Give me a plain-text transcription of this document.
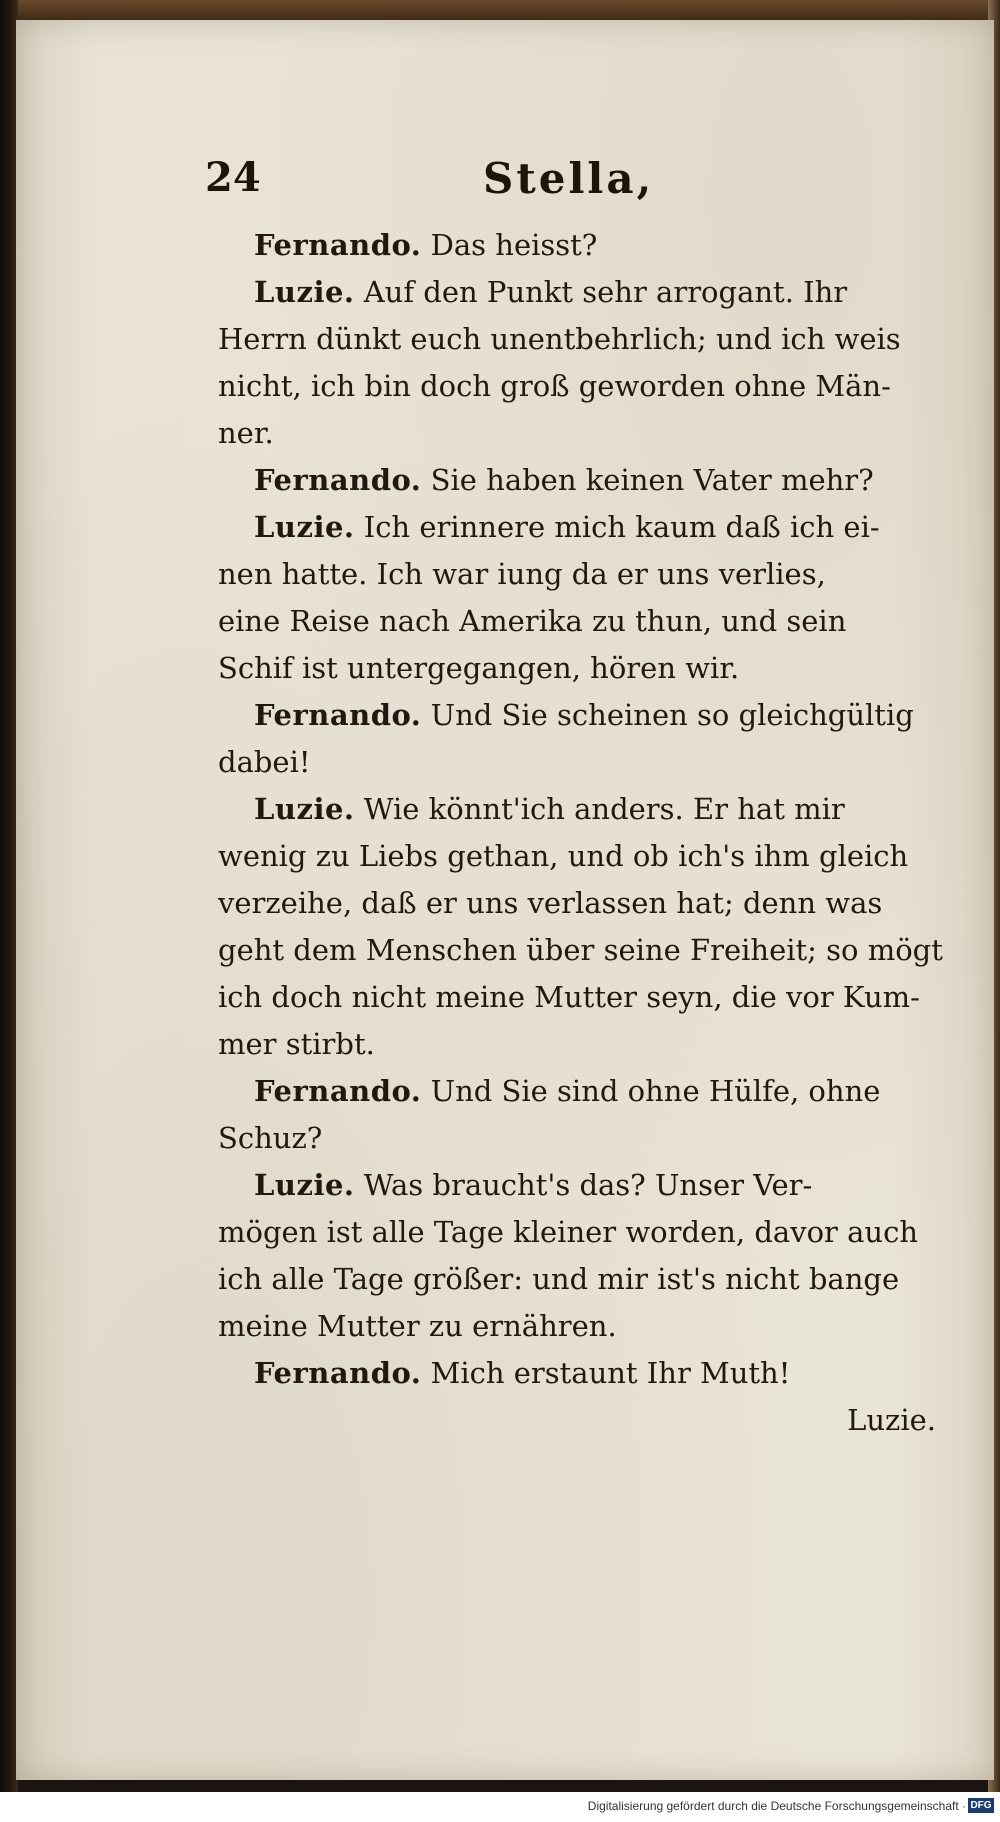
24	Stella,
Fernando. Das heisst?
Luzie. Auf den Punkt sehr arrogant. Ihr
Herrn dünkt euch unentbehrlich; und ich weis
nicht, ich bin doch groß geworden ohne Män-
ner.
Fernando. Sie haben keinen Vater mehr?
Luzie. Ich erinnere mich kaum daß ich ei-
nen hatte. Ich war iung da er uns verlies,
eine Reise nach Amerika zu thun, und sein
Schif ist untergegangen, hören wir.
Fernando. Und Sie scheinen so gleichgültig
dabei!
Luzie. Wie könnt'ich anders. Er hat mir
wenig zu Liebs gethan, und ob ich's ihm gleich
verzeihe, daß er uns verlassen hat; denn was
geht dem Menschen über seine Freiheit; so mögt
ich doch nicht meine Mutter seyn, die vor Kum-
mer stirbt.
Fernando. Und Sie sind ohne Hülfe, ohne
Schuz?
Luzie. Was braucht's das? Unser Ver-
mögen ist alle Tage kleiner worden, davor auch
ich alle Tage größer: und mir ist's nicht bange
meine Mutter zu ernähren.
Fernando. Mich erstaunt Ihr Muth!
Luzie.
Digitalisierung gefördert durch die Deutsche Forschungsgemeinschaft · DFG
